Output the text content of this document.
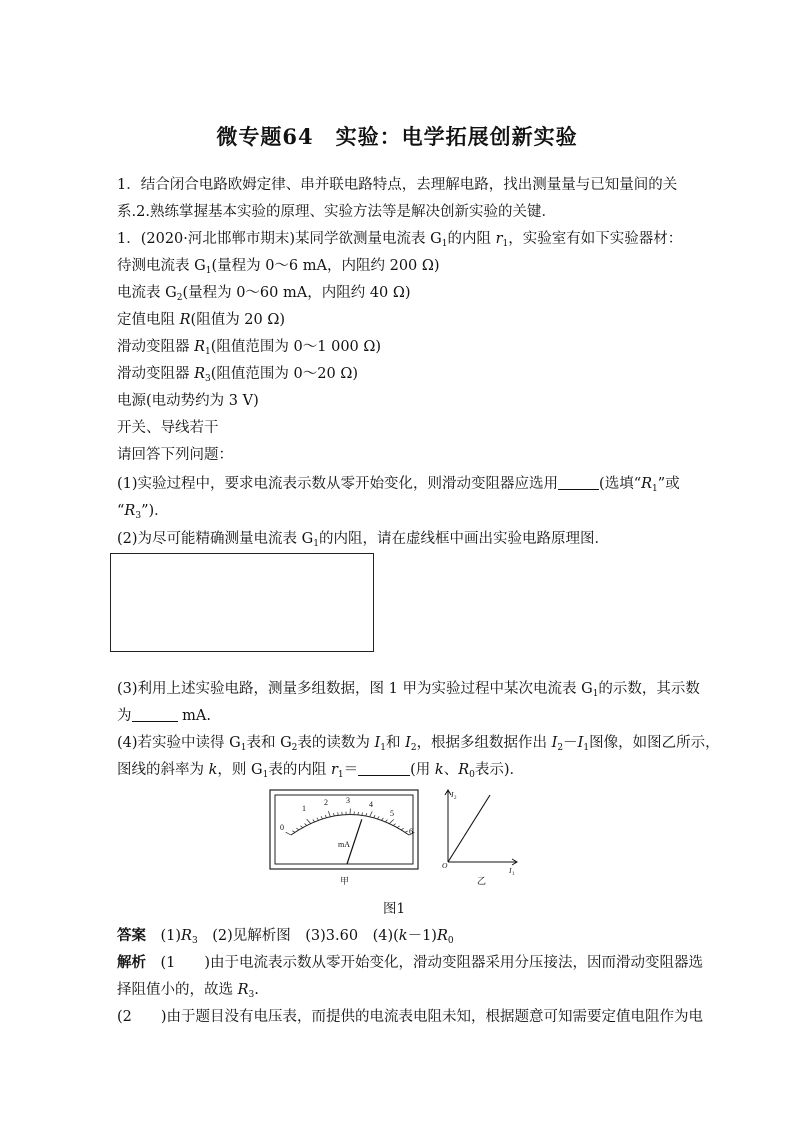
微专题64　实验：电学拓展创新实验
1．结合闭合电路欧姆定律、串并联电路特点，去理解电路，找出测量量与已知量间的关
系.2.熟练掌握基本实验的原理、实验方法等是解决创新实验的关键．
1．(2020·河北邯郸市期末)某同学欲测量电流表 $G_1$的内阻 $r_1$，实验室有如下实验器材：
待测电流表 $G_1$(量程为 0～6 mA，内阻约 200 Ω)
电流表 $G_2$(量程为 0～60 mA，内阻约 40 Ω)
定值电阻 R(阻值为 20 Ω)
滑动变阻器 $R_1$(阻值范围为 0～1 000 Ω)
滑动变阻器 $R_3$(阻值范围为 0～20 Ω)
电源(电动势约为 3 V)
开关、导线若干
请回答下列问题：
(1)实验过程中，要求电流表示数从零开始变化，则滑动变阻器应选用	(选填“$R_1$”或
“$R_3$”)．
(2)为尽可能精确测量电流表 $G_1$的内阻，请在虚线框中画出实验电路原理图．
(3)利用上述实验电路，测量多组数据，图 1 甲为实验过程中某次电流表 $G_1$的示数，其示数
为	mA.
(4)若实验中读得 $G_1$表和 $G_2$表的读数为 $I_1$和 $I_2$，根据多组数据作出 $I_2-I_1$图像，如图乙所示，
图线的斜率为 k，则 $G_1$表的内阻 $r_1=$	(用 k、$R_0$表示)．
0
1
2 3 4
5
6
mA
甲
I 2
I 1
O
乙
图1
答案　 $(1)R_3$　 (2)见解析图　 (3)3.60　 $(4)(k-1)R_0$
解析　 (1　　)由于电流表示数从零开始变化，滑动变阻器采用分压接法，因而滑动变阻器选
择阻值小的，故选 $R_3$.
(2　　)由于题目没有电压表，而提供的电流表电阻未知，根据题意可知需要定值电阻作为电
